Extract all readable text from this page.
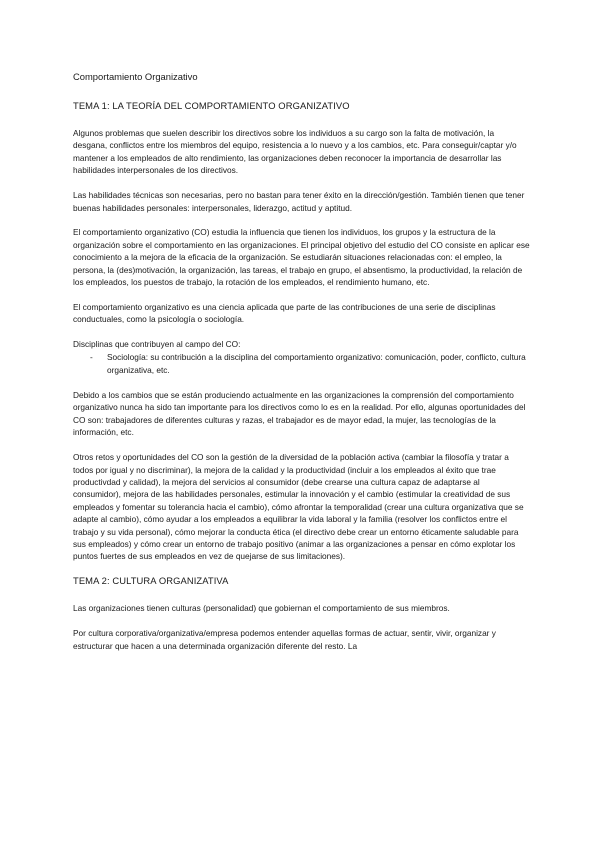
Comportamiento Organizativo
TEMA 1: LA TEORÍA DEL COMPORTAMIENTO ORGANIZATIVO

Algunos problemas que suelen describir los directivos sobre los individuos a su cargo son la falta de motivación, la desgana, conflictos entre los miembros del equipo, resistencia a lo nuevo y a los cambios, etc. Para conseguir/captar y/o mantener a los empleados de alto rendimiento, las organizaciones deben reconocer la importancia de desarrollar las habilidades interpersonales de los directivos.

Las habilidades técnicas son necesarias, pero no bastan para tener éxito en la dirección/gestión. También tienen que tener buenas habilidades personales: interpersonales, liderazgo, actitud y aptitud.

El comportamiento organizativo (CO) estudia la influencia que tienen los individuos, los grupos y la estructura de la organización sobre el comportamiento en las organizaciones. El principal objetivo del estudio del CO consiste en aplicar ese conocimiento a la mejora de la eficacia de la organización. Se estudiarán situaciones relacionadas con: el empleo, la persona, la (des)motivación, la organización, las tareas, el trabajo en grupo, el absentismo, la productividad, la relación de los empleados, los puestos de trabajo, la rotación de los empleados, el rendimiento humano, etc.

El comportamiento organizativo es una ciencia aplicada que parte de las contribuciones de una serie de disciplinas conductuales, como la psicología o sociología.

Disciplinas que contribuyen al campo del CO:

- Sociología: su contribución a la disciplina del comportamiento organizativo: comunicación, poder, conflicto, cultura organizativa, etc.

Debido a los cambios que se están produciendo actualmente en las organizaciones la comprensión del comportamiento organizativo nunca ha sido tan importante para los directivos como lo es en la realidad. Por ello, algunas oportunidades del CO son: trabajadores de diferentes culturas y razas, el trabajador es de mayor edad, la mujer, las tecnologías de la información, etc.

Otros retos y oportunidades del CO son la gestión de la diversidad de la población activa (cambiar la filosofía y tratar a todos por igual y no discriminar), la mejora de la calidad y la productividad (incluir a los empleados al éxito que trae productivdad y calidad), la mejora del servicios al consumidor (debe crearse una cultura capaz de adaptarse al consumidor), mejora de las habilidades personales, estimular la innovación y el cambio (estimular la creatividad de sus empleados y fomentar su tolerancia hacia el cambio), cómo afrontar la temporalidad (crear una cultura organizativa que se adapte al cambio), cómo ayudar a los empleados a equilibrar la vida laboral y la familia (resolver los conflictos entre el trabajo y su vida personal), cómo mejorar la conducta ética (el directivo debe crear un entorno éticamente saludable para sus empleados) y cómo crear un entorno de trabajo positivo (animar a las organizaciones a pensar en cómo explotar los puntos fuertes de sus empleados en vez de quejarse de sus limitaciones).

TEMA 2: CULTURA ORGANIZATIVA

Las organizaciones tienen culturas (personalidad) que gobiernan el comportamiento de sus miembros.

Por cultura corporativa/organizativa/empresa podemos entender aquellas formas de actuar, sentir, vivir, organizar y estructurar que hacen a una determinada organización diferente del resto. La
